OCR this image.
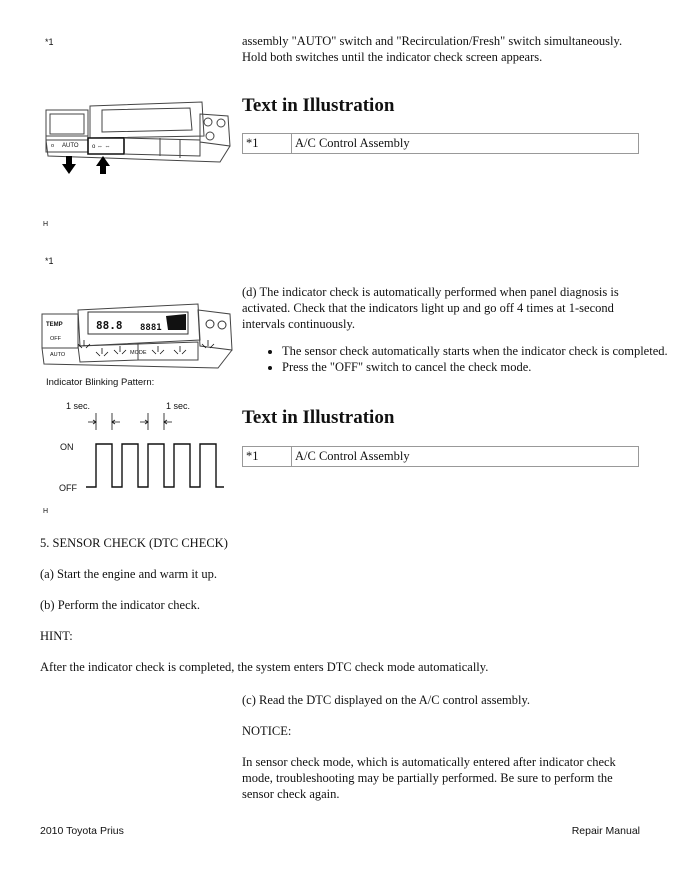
*1
o AUTO o ⇔ ⇔
H
assembly "AUTO" switch and "Recirculation/Fresh" switch simultaneously. Hold both switches until the indicator check screen appears.
Text in Illustration
*1	A/C Control Assembly
*1
TEMP
OFF
AUTO
88.8 8881
MODE
Indicator Blinking Pattern:
1 sec.	1 sec.
ON
OFF
H
(d) The indicator check is automatically performed when panel diagnosis is activated. Check that the indicators light up and go off 4 times at 1-second intervals continuously.
• The sensor check automatically starts when the indicator check is completed.
• Press the "OFF" switch to cancel the check mode.
Text in Illustration
*1	A/C Control Assembly
5. SENSOR CHECK (DTC CHECK)
(a) Start the engine and warm it up.
(b) Perform the indicator check.
HINT:
After the indicator check is completed, the system enters DTC check mode automatically.
(c) Read the DTC displayed on the A/C control assembly.
NOTICE:
In sensor check mode, which is automatically entered after indicator check mode, troubleshooting may be partially performed. Be sure to perform the sensor check again.
2010 Toyota Prius	Repair Manual
